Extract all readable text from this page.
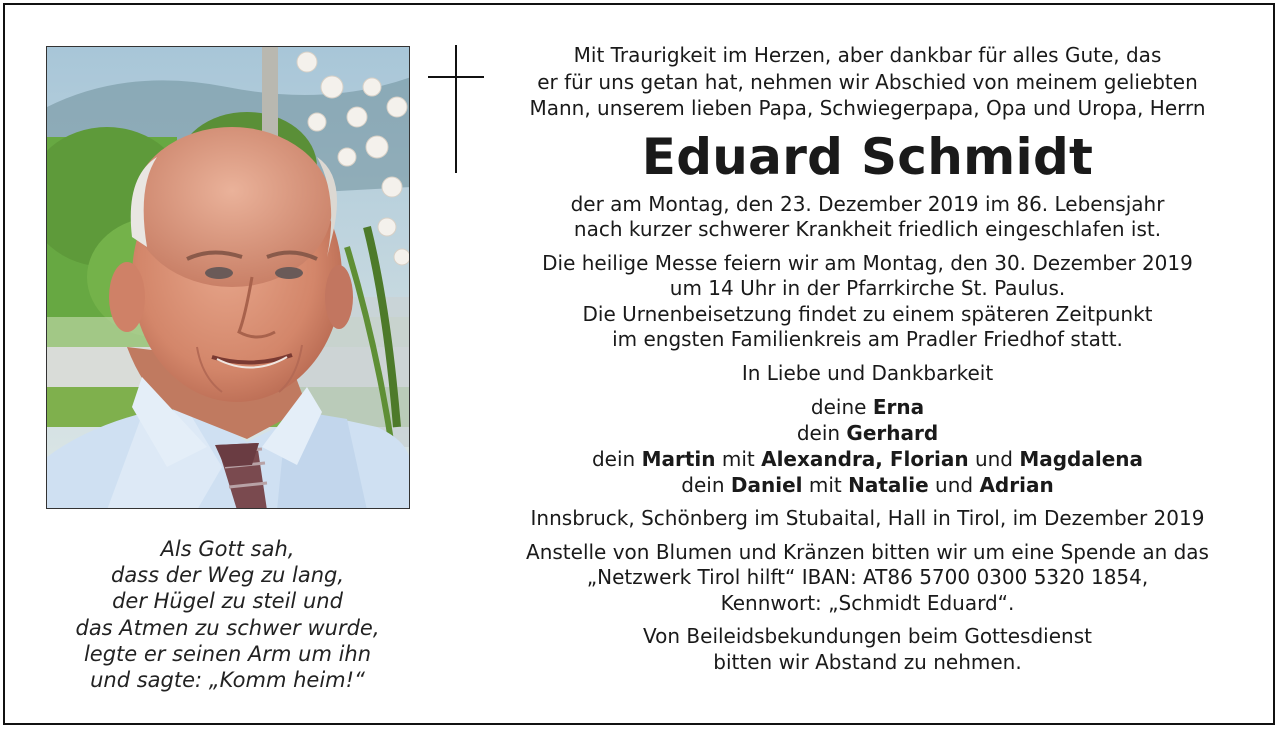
Als Gott sah,
dass der Weg zu lang,
der Hügel zu steil und
das Atmen zu schwer wurde,
legte er seinen Arm um ihn
und sagte: „Komm heim!“
Mit Traurigkeit im Herzen, aber dankbar für alles Gute, das
er für uns getan hat, nehmen wir Abschied von meinem geliebten
Mann, unserem lieben Papa, Schwiegerpapa, Opa und Uropa, Herrn
Eduard Schmidt
der am Montag, den 23. Dezember 2019 im 86. Lebensjahr
nach kurzer schwerer Krankheit friedlich eingeschlafen ist.
Die heilige Messe feiern wir am Montag, den 30. Dezember 2019
um 14 Uhr in der Pfarrkirche St. Paulus.
Die Urnenbeisetzung findet zu einem späteren Zeitpunkt
im engsten Familienkreis am Pradler Friedhof statt.
In Liebe und Dankbarkeit
deine Erna
dein Gerhard
dein Martin mit Alexandra, Florian und Magdalena
dein Daniel mit Natalie und Adrian
Innsbruck, Schönberg im Stubaital, Hall in Tirol, im Dezember 2019
Anstelle von Blumen und Kränzen bitten wir um eine Spende an das
„Netzwerk Tirol hilft“ IBAN: AT86 5700 0300 5320 1854,
Kennwort: „Schmidt Eduard“.
Von Beileidsbekundungen beim Gottesdienst
bitten wir Abstand zu nehmen.
